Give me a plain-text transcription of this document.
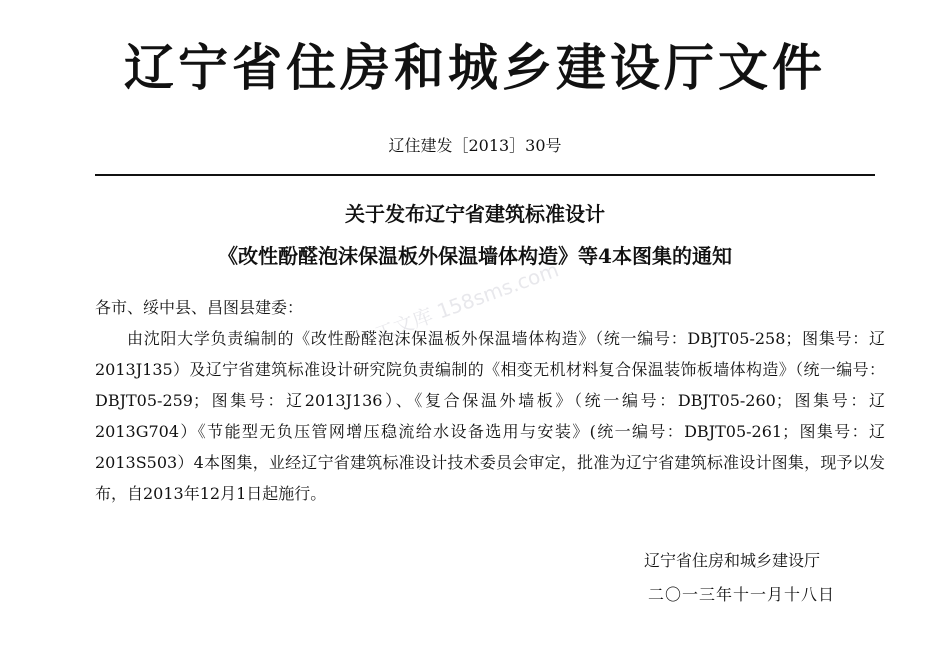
辽宁省住房和城乡建设厅文件
辽住建发［2013］30号
关于发布辽宁省建筑标准设计
《改性酚醛泡沫保温板外保温墙体构造》等4本图集的通知
各市、绥中县、昌图县建委：
由沈阳大学负责编制的《改性酚醛泡沫保温板外保温墙体构造》（统一编号：DBJT05-258；图集号：辽2013J135）及辽宁省建筑标准设计研究院负责编制的《相变无机材料复合保温装饰板墙体构造》（统一编号：DBJT05-259；图集号：辽2013J136）、《复合保温外墙板》（统一编号：DBJT05-260；图集号：辽2013G704）《节能型无负压管网增压稳流给水设备选用与安装》(统一编号：DBJT05-261；图集号：辽2013S503）4本图集，业经辽宁省建筑标准设计技术委员会审定，批准为辽宁省建筑标准设计图集，现予以发布，自2013年12月1日起施行。
辽宁省住房和城乡建设厅
二〇一三年十一月十八日
工文库 158sms.com
